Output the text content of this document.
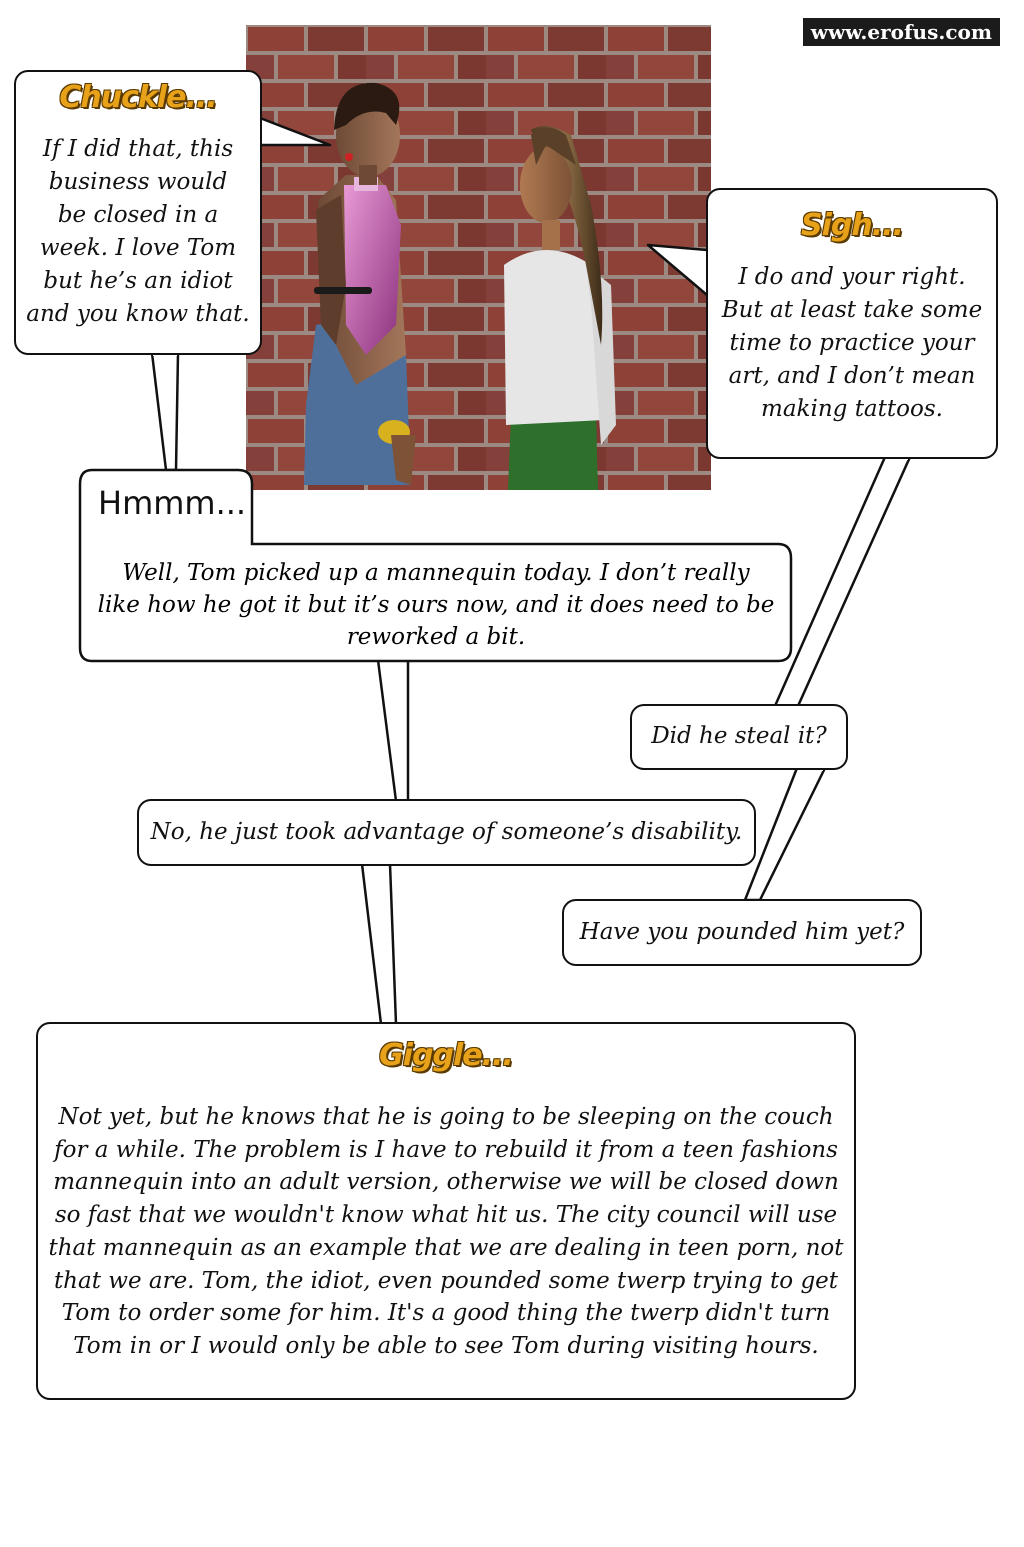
www.erofus.com
Chuckle...
If I did that, this
business would
be closed in a
week. I love Tom
but he’s an idiot
and you know that.
Sigh...
I do and your right.
But at least take some
time to practice your
art, and I don’t mean
making tattoos.
Hmmm...
Well, Tom picked up a mannequin today. I don’t really
like how he got it but it’s ours now, and it does need to be
reworked a bit.
Did he steal it?
No, he just took advantage of someone’s disability.
Have you pounded him yet?
Giggle...
Not yet, but he knows that he is going to be sleeping on the couch
for a while. The problem is I have to rebuild it from a teen fashions
mannequin into an adult version, otherwise we will be closed down
so fast that we wouldn't know what hit us. The city council will use
that mannequin as an example that we are dealing in teen porn, not
that we are. Tom, the idiot, even pounded some twerp trying to get
Tom to order some for him. It's a good thing the twerp didn't turn
Tom in or I would only be able to see Tom during visiting hours.
